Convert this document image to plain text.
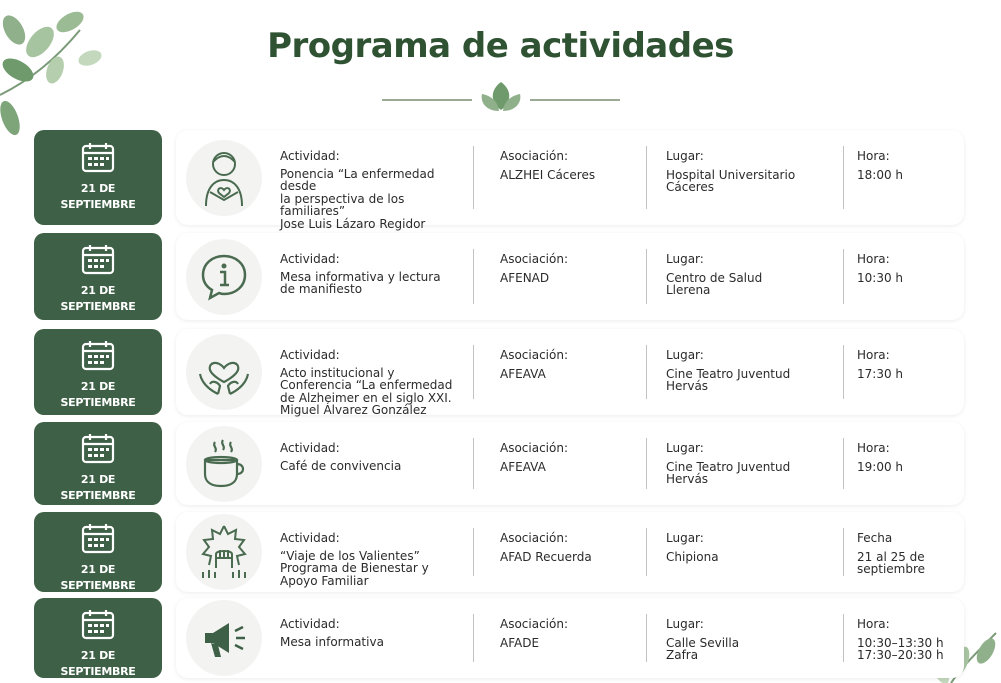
Programa de actividades
21 DE
SEPTIEMBRE
Actividad:
Ponencia “La enfermedad desde
la perspectiva de los familiares”
Jose Luis Lázaro Regidor
Asociación:
ALZHEI Cáceres
Lugar:
Hospital Universitario
Cáceres
Hora:
18:00 h
21 DE
SEPTIEMBRE
Actividad:
Mesa informativa y lectura
de manifiesto
Asociación:
AFENAD
Lugar:
Centro de Salud
Llerena
Hora:
10:30 h
21 DE
SEPTIEMBRE
Actividad:
Acto institucional y
Conferencia “La enfermedad
de Alzheimer en el siglo XXI.
Miguel Álvarez González
Asociación:
AFEAVA
Lugar:
Cine Teatro Juventud
Hervás
Hora:
17:30 h
21 DE
SEPTIEMBRE
Actividad:
Café de convivencia
Asociación:
AFEAVA
Lugar:
Cine Teatro Juventud
Hervás
Hora:
19:00 h
21 DE
SEPTIEMBRE
Actividad:
“Viaje de los Valientes”
Programa de Bienestar y
Apoyo Familiar
Asociación:
AFAD Recuerda
Lugar:
Chipiona
Fecha
21 al 25 de
septiembre
21 DE
SEPTIEMBRE
Actividad:
Mesa informativa
Asociación:
AFADE
Lugar:
Calle Sevilla
Zafra
Hora:
10:30–13:30 h
17:30–20:30 h
